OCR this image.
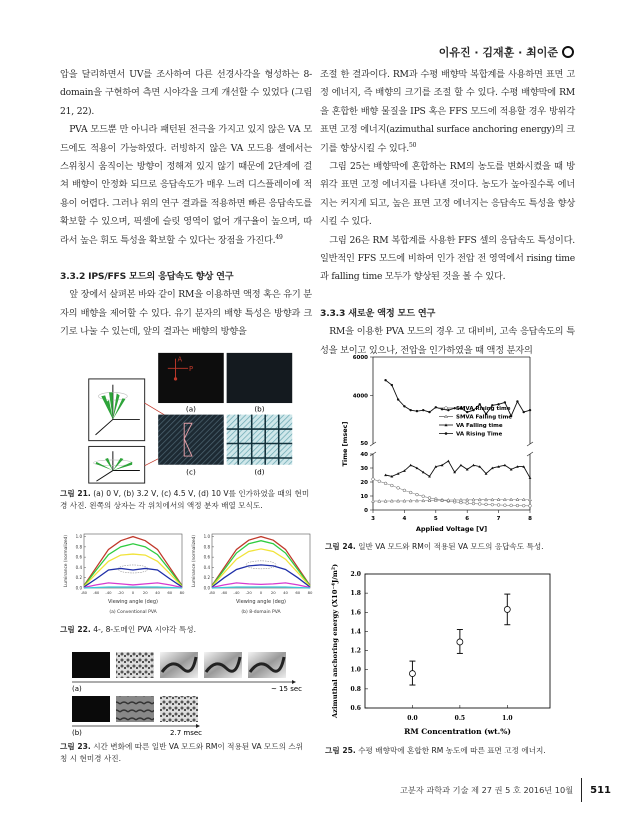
이유진 · 김재훈 · 최이준

압을 달리하면서 UV를 조사하여 다른 선경사각을 형성하는 8-domain을 구현하여 측면 시야각을 크게 개선할 수 있었다 (그림 21, 22).

PVA 모드뿐 만 아니라 패턴된 전극을 가지고 있지 않은 VA 모드에도 적용이 가능하였다. 러빙하지 않은 VA 모드용 셀에서는 스위칭시 움직이는 방향이 정해져 있지 않기 때문에 2단계에 걸쳐 배향이 안정화 되므로 응답속도가 매우 느려 디스플레이에 적용이 어렵다. 그러나 위의 연구 결과를 적용하면 빠른 응답속도를 확보할 수 있으며, 픽셀에 슬릿 영역이 없어 개구율이 높으며, 따라서 높은 휘도 특성을 확보할 수 있다는 장점을 가진다.$^{49}$

3.3.2 IPS/FFS 모드의 응답속도 향상 연구

앞 장에서 살펴본 바와 같이 RM을 이용하면 액정 혹은 유기 분자의 배향을 제어할 수 있다. 유기 분자의 배향 특성은 방향과 크기로 나눌 수 있는데, 앞의 결과는 배향의 방향을

조절 한 결과이다. RM과 수평 배향막 복합계를 사용하면 표면 고정 에너지, 즉 배향의 크기를 조절 할 수 있다. 수평 배향막에 RM을 혼합한 배향 물질을 IPS 혹은 FFS 모드에 적용할 경우 방위각 표면 고정 에너지(azimuthal surface anchoring energy)의 크기를 향상시킬 수 있다.$^{50}$

그림 25는 배향막에 혼합하는 RM의 농도를 변화시켰을 때 방위각 표면 고정 에너지를 나타낸 것이다. 농도가 높아질수록 에너지는 커지게 되고, 높은 표면 고정 에너지는 응답속도 특성을 향상시킬 수 있다.

그림 26은 RM 복합계를 사용한 FFS 셀의 응답속도 특성이다. 일반적인 FFS 모드에 비하여 인가 전압 전 영역에서 rising time과 falling time 모두가 향상된 것을 볼 수 있다.

3.3.3 새로운 액정 모드 연구

RM을 이용한 PVA 모드의 경우 고 대비비, 고속 응답속도의 특성을 보이고 있으나, 전압을 인가하였을 때 액정 분자의

A
P
(a)	(b)
(c)	(d)
그림 21. (a) 0 V, (b) 3.2 V, (c) 4.5 V, (d) 10 V를 인가하였을 때의 현미경 사진. 왼쪽의 상자는 각 위치에서의 액정 분자 배열 모식도.
0.0
0.2
0.4
0.6
0.8
1.0
-80 -60 -40 -20 0 20 40 60 80
Viewing angle (deg)
Luminance (normalized)
(a) Conventional PVA
0.0
0.2
0.4
0.6
0.8
1.0
-80 -60 -40 -20 0 20 40 60 80
Viewing angle (deg)
Luminance (normalized)
(b) 8-domain PVA
그림 22. 4-, 8-도메인 PVA 시야각 특성.
(a)	~ 15 sec
(b)	2.7 msec
그림 23. 시간 변화에 따른 일반 VA 모드와 RM이 적용된 VA 모드의 스위칭 시 현미경 사진.
4000
6000
50
0
10
20
30
40
3	4	5	6	7	8
Applied Voltage [V]
Time [msec]
SMVA Rising time
SMVA Falling time
VA Falling time
VA Rising Time
그림 24. 일반 VA 모드와 RM이 적용된 VA 모드의 응답속도 특성.
0.6
0.8
1.0
1.2
1.4
1.6
1.8
2.0
0.0	0.5	1.0
RM Concentration (wt.%)
Azimuthal anchoring energy (X10⁻⁴J/m²)
그림 25. 수평 배향막에 혼합한 RM 농도에 따른 표면 고정 에너지.
고분자 과학과 기술 제 27 권 5 호 2016년 10월 511
